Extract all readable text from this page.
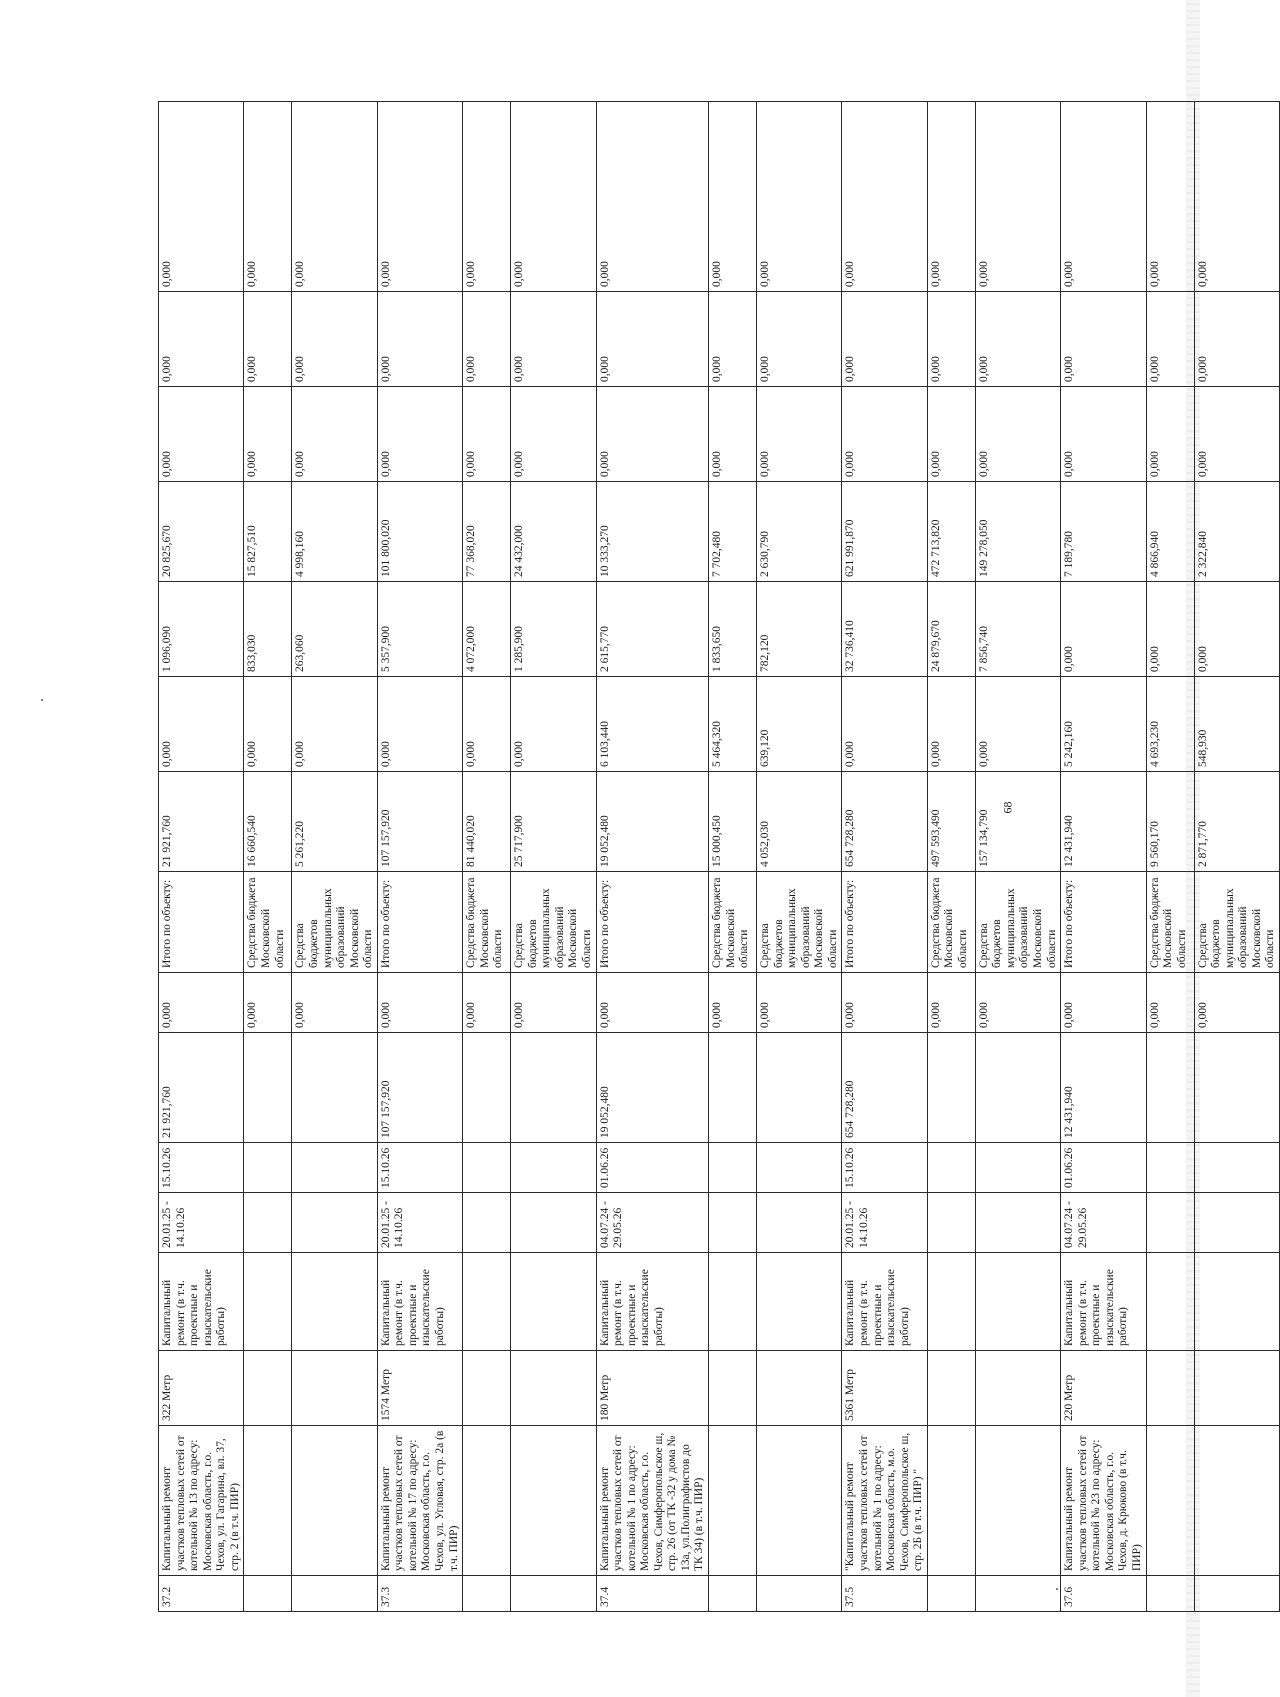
37.2	Капитальный ремонт участков тепловых сетей от котельной № 13 по адресу: Московская область, г.о. Чехов, ул. Гагарина, вл. 37, стр. 2 (в т.ч. ПИР)	322 Метр	Капитальный ремонт (в т.ч. проектные и изыскательские работы)	20.01.25 - 14.10.26	15.10.26	21 921,760	0,000	Итого по объекту:	21 921,760	0,000	1 096,090	20 825,670	0,000	0,000	0,000
							0,000	Средства бюджета Московской области	16 660,540	0,000	833,030	15 827,510	0,000	0,000	0,000
							0,000	Средства бюджетов муниципальных образований Московской области	5 261,220	0,000	263,060	4 998,160	0,000	0,000	0,000
37.3	Капитальный ремонт участков тепловых сетей от котельной № 17 по адресу: Московская область, г.о. Чехов, ул. Угловая, стр. 2а (в т.ч. ПИР)	1574 Метр	Капитальный ремонт (в т.ч. проектные и изыскательские работы)	20.01.25 - 14.10.26	15.10.26	107 157,920	0,000	Итого по объекту:	107 157,920	0,000	5 357,900	101 800,020	0,000	0,000	0,000
							0,000	Средства бюджета Московской области	81 440,020	0,000	4 072,000	77 368,020	0,000	0,000	0,000
							0,000	Средства бюджетов муниципальных образований Московской области	25 717,900	0,000	1 285,900	24 432,000	0,000	0,000	0,000
37.4	Капитальный ремонт участков тепловых сетей от котельной № 1 по адресу: Московская область, г.о. Чехов, Симферопольское ш, стр. 26 (от ТК -32 у дома № 13а, ул.Полиграфистов до ТК 34) (в т.ч. ПИР)	180 Метр	Капитальный ремонт (в т.ч. проектные и изыскательские работы)	04.07.24 - 29.05.26	01.06.26	19 052,480	0,000	Итого по объекту:	19 052,480	6 103,440	2 615,770	10 333,270	0,000	0,000	0,000
							0,000	Средства бюджета Московской области	15 000,450	5 464,320	1 833,650	7 702,480	0,000	0,000	0,000
							0,000	Средства бюджетов муниципальных образований Московской области	4 052,030	639,120	782,120	2 630,790	0,000	0,000	0,000
37.5	"Капитальный ремонт участков тепловых сетей от котельной № 1 по адресу: Московская область, м.о. Чехов, Симферопольское ш, стр. 2Б (в т.ч. ПИР) "	5361 Метр	Капитальный ремонт (в т.ч. проектные и изыскательские работы)	20.01.25 - 14.10.26	15.10.26	654 728,280	0,000	Итого по объекту:	654 728,280	0,000	32 736,410	621 991,870	0,000	0,000	0,000
							0,000	Средства бюджета Московской области	497 593,490	0,000	24 879,670	472 713,820	0,000	0,000	0,000
							0,000	Средства бюджетов муниципальных образований Московской области	157 134,790	0,000	7 856,740	149 278,050	0,000	0,000	0,000
37.6	Капитальный ремонт участков тепловых сетей от котельной № 23 по адресу: Московская область, г.о. Чехов, д. Крюково (в т.ч. ПИР)	220 Метр	Капитальный ремонт (в т.ч. проектные и изыскательские работы)	04.07.24 - 29.05.26	01.06.26	12 431,940	0,000	Итого по объекту:	12 431,940	5 242,160	0,000	7 189,780	0,000	0,000	0,000
							0,000	Средства бюджета Московской области	9 560,170	4 693,230	0,000	4 866,940	0,000	0,000	0,000
							0,000	Средства бюджетов муниципальных образований Московской области	2 871,770	548,930	0,000	2 322,840	0,000	0,000	0,000
68
